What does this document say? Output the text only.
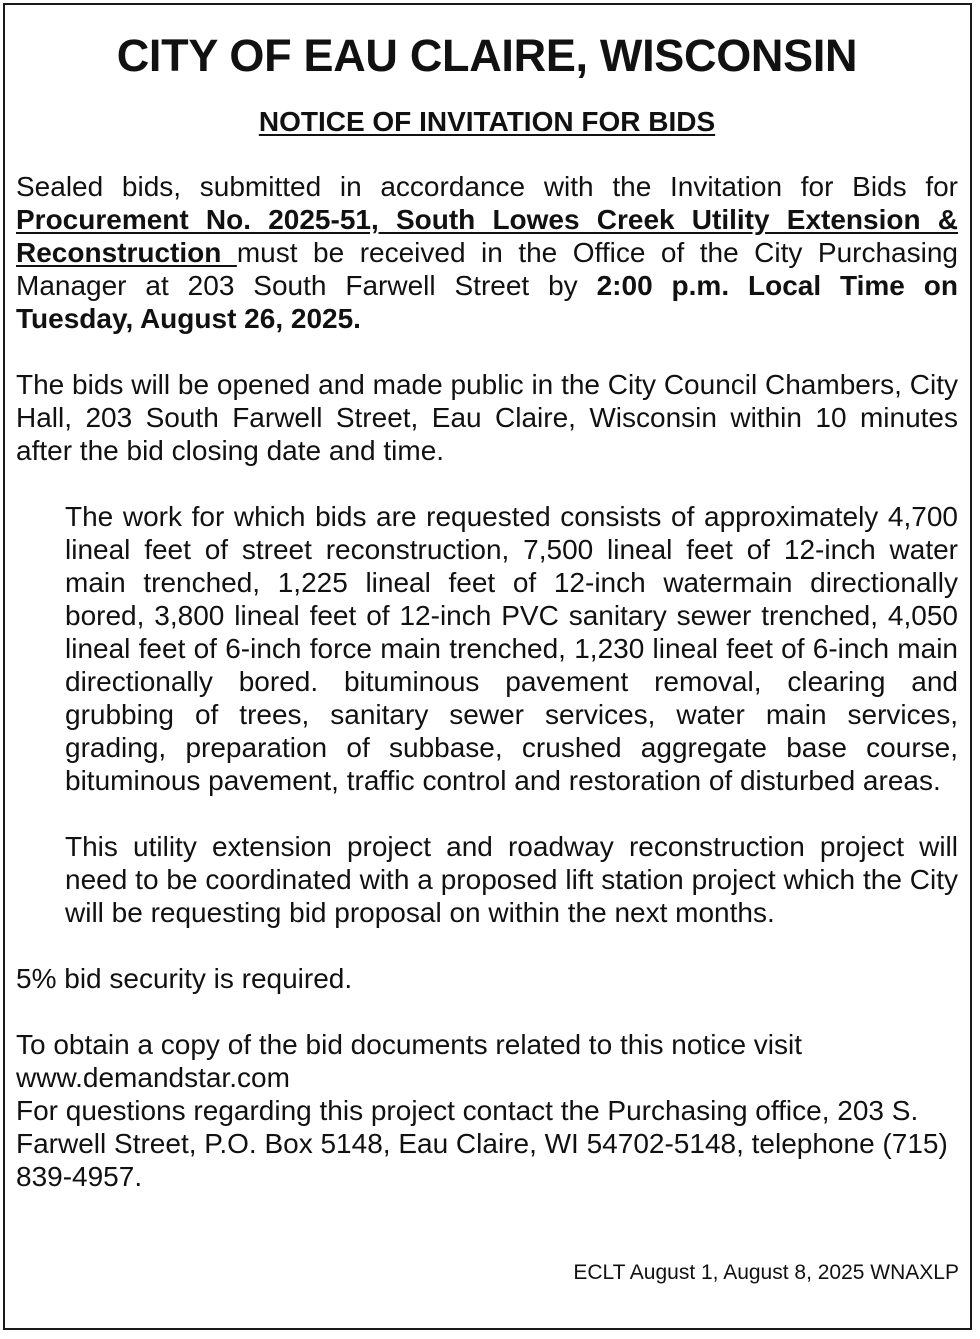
CITY OF EAU CLAIRE, WISCONSIN
NOTICE OF INVITATION FOR BIDS

Sealed bids, submitted in accordance with the Invitation for Bids for Procurement No. 2025-51, South Lowes Creek Utility Extension & Reconstruction must be received in the Office of the City Purchasing Manager at 203 South Farwell Street by 2:00 p.m. Local Time on Tuesday, August 26, 2025.

The bids will be opened and made public in the City Council Chambers, City Hall, 203 South Farwell Street, Eau Claire, Wisconsin within 10 minutes after the bid closing date and time.

The work for which bids are requested consists of approximately 4,700 lineal feet of street reconstruction, 7,500 lineal feet of 12-inch water main trenched, 1,225 lineal feet of 12-inch watermain directionally bored, 3,800 lineal feet of 12-inch PVC sanitary sewer trenched, 4,050 lineal feet of 6-inch force main trenched, 1,230 lineal feet of 6-inch main directionally bored. bituminous pavement removal, clearing and grubbing of trees, sanitary sewer services, water main services, grading, preparation of subbase, crushed aggregate base course, bituminous pavement, traffic control and restoration of disturbed areas.

This utility extension project and roadway reconstruction project will need to be coordinated with a proposed lift station project which the City will be requesting bid proposal on within the next months.

5% bid security is required.

To obtain a copy of the bid documents related to this notice visit
www.demandstar.com
For questions regarding this project contact the Purchasing office, 203 S. Farwell Street, P.O. Box 5148, Eau Claire, WI 54702-5148, telephone (715) 839-4957.

ECLT August 1, August 8, 2025 WNAXLP
